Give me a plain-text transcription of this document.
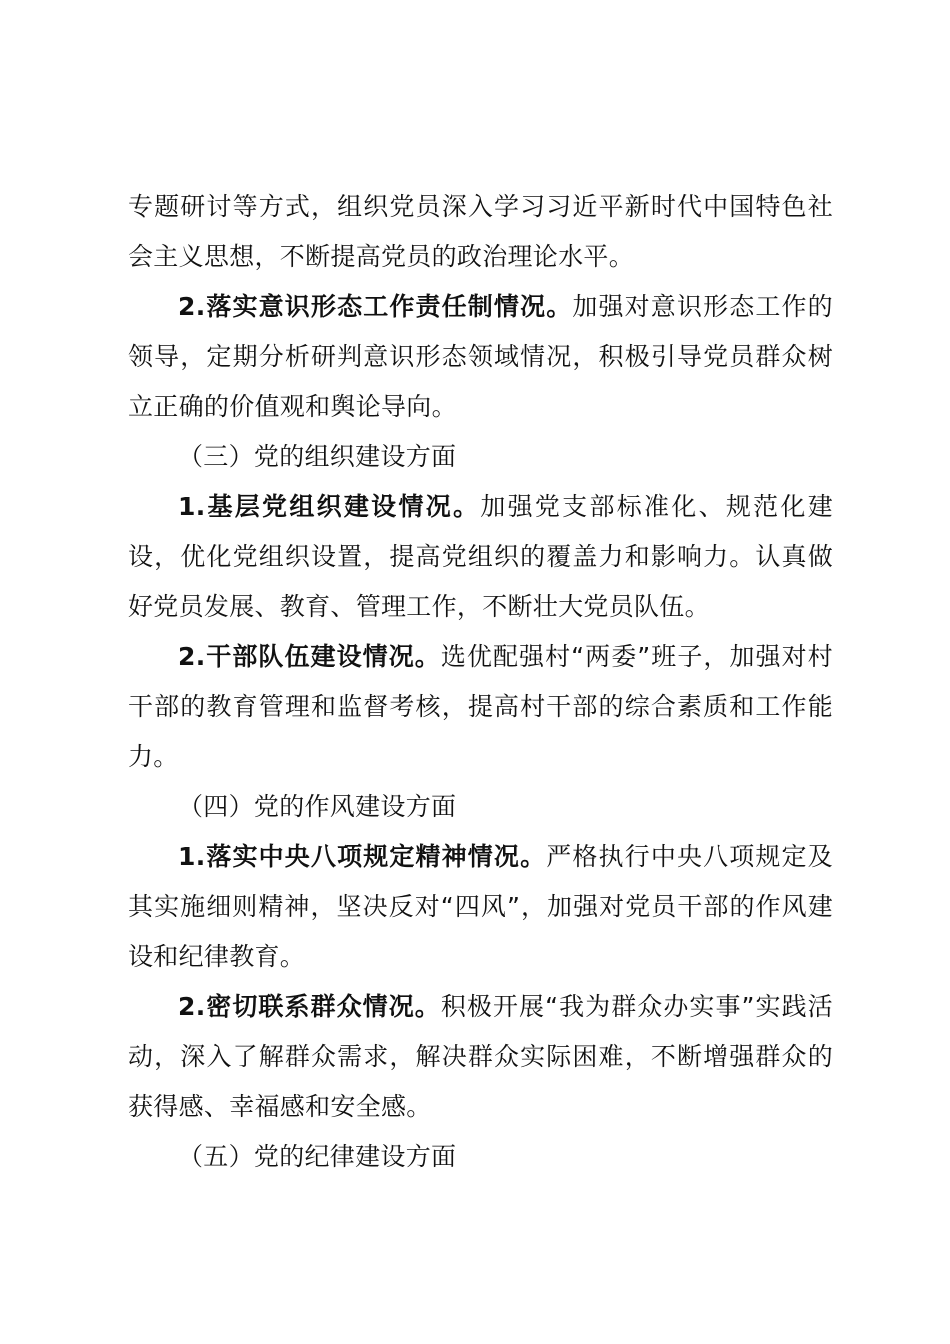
专题研讨等方式，组织党员深入学习习近平新时代中国特色社会主义思想，不断提高党员的政治理论水平。

2.落实意识形态工作责任制情况。加强对意识形态工作的领导，定期分析研判意识形态领域情况，积极引导党员群众树立正确的价值观和舆论导向。

（三）党的组织建设方面

1.基层党组织建设情况。加强党支部标准化、规范化建设，优化党组织设置，提高党组织的覆盖力和影响力。认真做好党员发展、教育、管理工作，不断壮大党员队伍。

2.干部队伍建设情况。选优配强村“两委”班子，加强对村干部的教育管理和监督考核，提高村干部的综合素质和工作能力。

（四）党的作风建设方面

1.落实中央八项规定精神情况。严格执行中央八项规定及其实施细则精神，坚决反对“四风”，加强对党员干部的作风建设和纪律教育。

2.密切联系群众情况。积极开展“我为群众办实事”实践活动，深入了解群众需求，解决群众实际困难，不断增强群众的获得感、幸福感和安全感。

（五）党的纪律建设方面
